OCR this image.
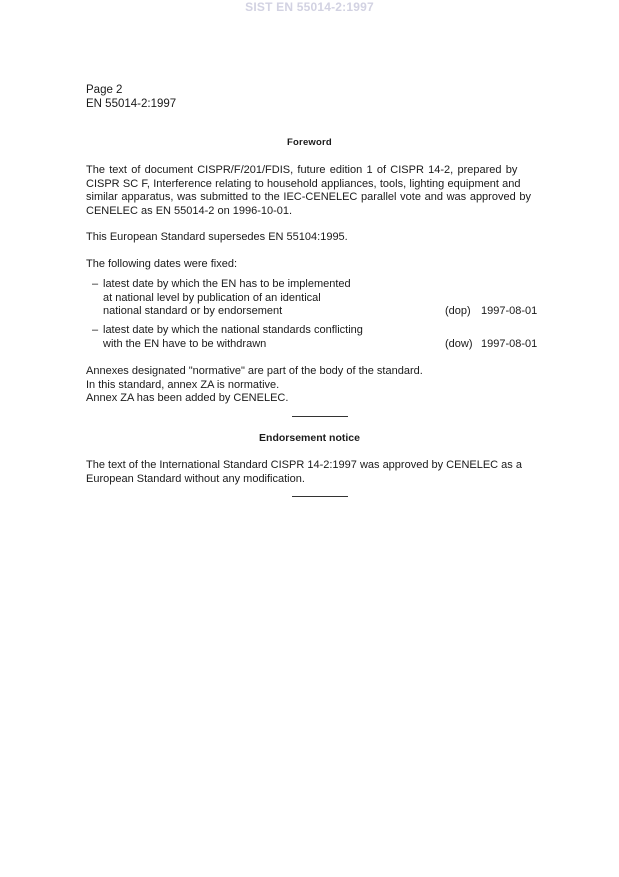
SIST EN 55014-2:1997
Page 2
EN 55014-2:1997
Foreword
The text of document CISPR/F/201/FDIS, future edition 1 of CISPR 14-2, prepared by
CISPR SC F, Interference relating to household appliances, tools, lighting equipment and
similar apparatus, was submitted to the IEC-CENELEC parallel vote and was approved by
CENELEC as EN 55014-2 on 1996-10-01.
This European Standard supersedes EN 55104:1995.
The following dates were fixed:
– latest date by which the EN has to be implemented
at national level by publication of an identical
national standard or by endorsement	(dop) 1997-08-01
– latest date by which the national standards conflicting
with the EN have to be withdrawn	(dow) 1997-08-01
Annexes designated "normative" are part of the body of the standard.
In this standard, annex ZA is normative.
Annex ZA has been added by CENELEC.
Endorsement notice
The text of the International Standard CISPR 14-2:1997 was approved by CENELEC as a
European Standard without any modification.
